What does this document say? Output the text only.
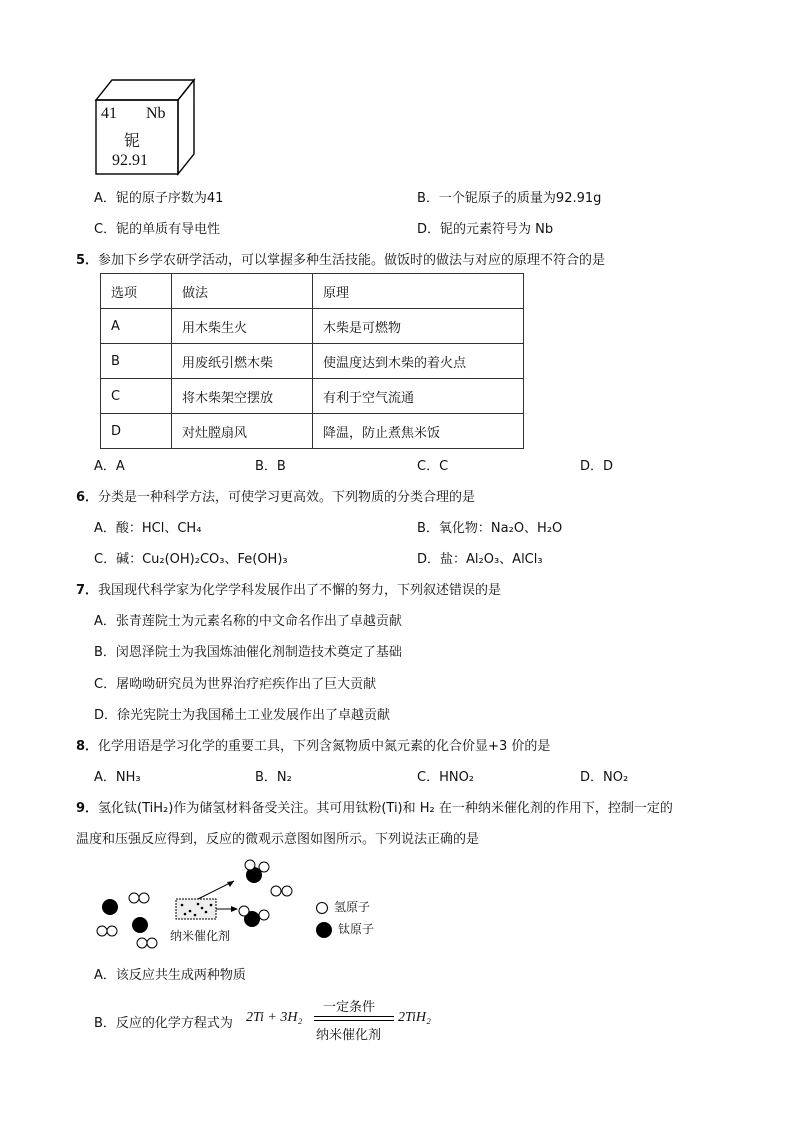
41 Nb
铌
92.91
A．铌的原子序数为41	B．一个铌原子的质量为92.91g
C．铌的单质有导电性	D．铌的元素符号为 Nb
5．参加下乡学农研学活动，可以掌握多种生活技能。做饭时的做法与对应的原理不符合的是
选项	做法	原理
A	用木柴生火	木柴是可燃物
B	用废纸引燃木柴	使温度达到木柴的着火点
C	将木柴架空摆放	有利于空气流通
D	对灶膛扇风	降温，防止煮焦米饭
A．A	B．B	C．C	D．D
6．分类是一种科学方法，可使学习更高效。下列物质的分类合理的是
A．酸：HCl、CH₄	B．氧化物：Na₂O、H₂O
C．碱：Cu₂(OH)₂CO₃、Fe(OH)₃	D．盐：Al₂O₃、AlCl₃
7．我国现代科学家为化学学科发展作出了不懈的努力，下列叙述错误的是
A．张青莲院士为元素名称的中文命名作出了卓越贡献
B．闵恩泽院士为我国炼油催化剂制造技术奠定了基础
C．屠呦呦研究员为世界治疗疟疾作出了巨大贡献
D．徐光宪院士为我国稀土工业发展作出了卓越贡献
8．化学用语是学习化学的重要工具，下列含氮物质中氮元素的化合价显+3 价的是
A．NH₃	B．N₂	C．HNO₂	D．NO₂
9．氢化钛(TiH₂)作为储氢材料备受关注。其可用钛粉(Ti)和 H₂ 在一种纳米催化剂的作用下，控制一定的
温度和压强反应得到，反应的微观示意图如图所示。下列说法正确的是
纳米催化剂
氢原子
钛原子
A．该反应共生成两种物质
B．反应的化学方程式为 2Ti + 3H₂
一定条件
纳米催化剂
2TiH₂
